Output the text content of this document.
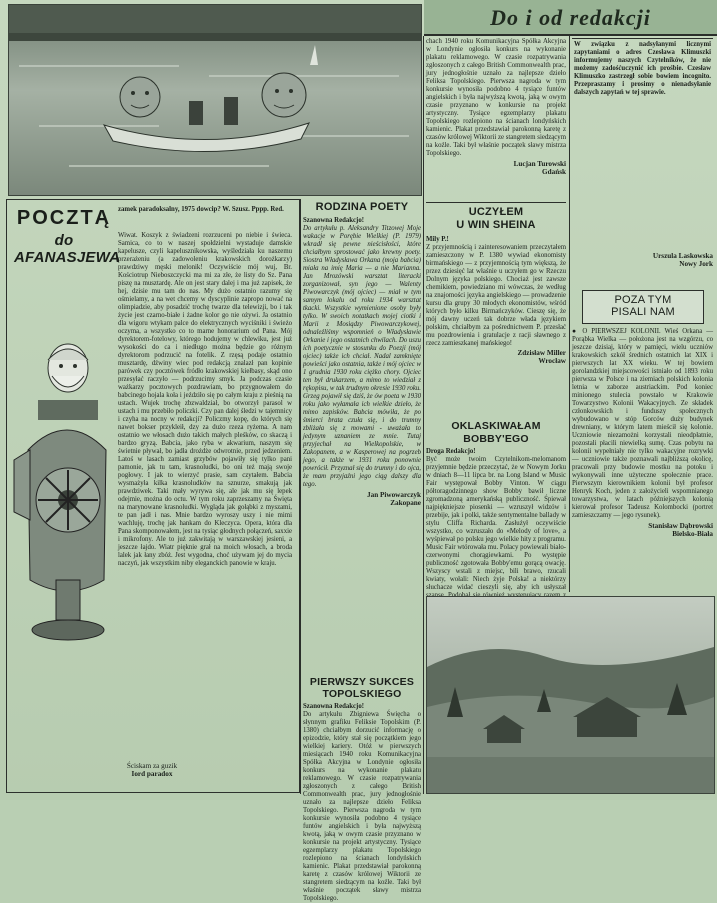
Do i od redakcji
W związku z nadsyłanymi licznymi zapytaniami o adres Czesława Klimuszki informujemy naszych Czytelników, że nie możemy zadośćuczynić ich prośbie. Czesław Klimuszko zastrzegł sobie bowiem incognito. Przepraszamy i prosimy o nienadsyłanie dalszych zapytań w tej sprawie.
chach 1940 roku Komunikacyjna Spółka Akcyjna w Londynie ogłosiła konkurs na wykonanie plakatu reklamowego. W czasie rozpatrywania zgłoszonych z całego British Commonwealth prac, jury jednogłośnie uznało za najlepsze dzieło Feliksa Topolskiego. Pierwsza nagroda w tym konkursie wynosiła podobno 4 tysiące funtów angielskich i była najwyższą kwotą, jaką w owym czasie przyznano w konkursie na projekt artystyczny. Tysiące egzemplarzy plakatu Topolskiego rozlepiono na ścianach londyńskich kamienic. Plakat przedstawiał parokonną karetę z czasów królowej Wiktorii ze stangretem siedzącym na koźle. Taki był właśnie początek sławy mistrza Topolskiego.
Lucjan Turowski
Gdańsk
POCZTĄ
do AFANASJEWA
zamek paradoksalny, 1975 dowcip? W. Szusz. Pppp. Red.
Wiwat. Koszyk z świadzeni rozrzuceni po niebie i świeca. Samica, co to w naszej społdzielni wystaduje damskie kapelusze, czyli kapelusznikowska, wyśledziała ku naszemu przerażeniu (a zadowoleniu krakowskich dorożkarzy) prawdziwy męski melonik! Oczywiście mój wuj, Br. Kościotrup Nieboszczycki ma mi za złe, że listy do Sz. Pana piszę na musztardę. Ale on jest stary dalej i ma już zapisek, że hej, dzisie mu tam do nas. My dużo ostatnio razumy się ośmielamy, a na wet chcemy w dyscyplinie zapropo nować na olimpiadzie, aby posadzić trochę twarze dla telewizji, bo i tak życie jest czarno-białe i żadne kolor go nie ożywi. Ja ostatnio dla wigoru wtykam palce do elektrycznych wyciśniki i świeżo oczyma, a wszystko co to marne honorarium od Pana. Mój dyrektorem-fotelowy, którego hodujemy w chlewiku, jest już wysokości do ca i niedługo można będzie go różnym dyrektorom podrzucić na fotelik. Z rzęsą podaje ostatnio musztardę, dźwiny wiec pod redakcją znalazł pan kopinie parówek czy pocztówek fródło krakowskiej kiełbasy, skąd ono przesyłać raczyło — podrzucimy smyk. Ja podczas czasie ważkarzy pocztowych pozdrawiam, bo przygnowałem do babcinego hojala koła i jeździło się po całym kraju z pieśnią na ustach. Wujek trochę zbzwaldział, bo otworzył parasol w ustach i mu przebiło policzki. Czy pan dalej śledzi w tajemnicy i czyha na nocny w redakcji? Policzmy kopę, do których się nawet bokser przykleił, dzy za dużo rzeza ryżema. A nam ostatnio we włosach dużo takich małych pleśków, co skaczą i bardzo gryzą. Babcia, jako ryba w akwarium, naszym się świetnie pływał, bo jadła drożdże odwrotnie, przed jedzeniem. Latoś w lasach zamiast grzybów pojawiły się tylko pani pamonie, jak tu tam, krasnoludki, bo oni też mają swoje pogłowy. I jak to wierzyć prasie, sam czytałem. Babcia wysmażyła kilka krasnoludków na sznurze, smakują jak prawdziwek. Taki mały wyrywa się, ale jak mu się lepek odejmie, można do octu. W tym roku zaprzeszamy na Święta na marynowane krasnoludki. Wygląda jak gołąbki z myszami, te pan jadł i nas. Mnie bardzo wyroszy uszy i nie mimi wachluję, trochę jak hankam do Kleczyca. Opera, która dla Pana skomponowałem, jest na tysiąc głodnych połączeń, saxxie i mikrofony. Ale to już zakwitają w warszawskiej jesieni, a jeszcze łajdo. Wiatr pięknie grał na moich włosach, a broda lalek jak łany zbóż. Jest wygodna, choć używam jej do mycia naczyń, jak wszystkim niby eleganckich panowie w kraju.
Ściskam za guzik
Iord paradox
RODZINA POETY
Szanowna Redakcjo!
Do artykułu p. Aleksandry Titzowej Moje wakacje w Porębie Wielkiej (P. 1979) wkradł się pewne nieścisłości, które chciałbym sprostować jako krewny poety. Siostra Władysława Orkana (moja babcia) miała na imię Maria — a nie Marianna. Jan Mrozówski warsztat literacki zorganizował, syn jego — Walenty Piwowarczyk (mój ojciec) — miał w tym samym lokalu od roku 1934 warsztat tkacki. Wszystkie wymienione osoby były tylko. W swoich notatkach mojej ciotki i Marii z Mosiądzy Piwowarczykowej, odnaleźliśmy wspomnień o Władysławie Orkanie i jego ostatnich chwilach. Do uszu ich poetycznie w stosunku do Poezji (mój ojciec) także ich chciał. Nadal zamknięte powieści jako ostatnia, także i mój ojciec w 1 grudnia 1930 roku ciężko chory. Ojciec ten był drukarzem, a mimo to wiedział z rękopisu, w tak trudnym okresie 1930 roku. Grzeg pojawił się dziś, że ów poeta w 1930 roku jako wyłamała ich wielkie dzieło, że mimo zapisków. Babcia mówiła, że po śmierci brata czuła się, i do trumny zbliżała się z mowami - uważała to jedynym uznaniem ze mnie. Tutaj przyjechał na Wielkopolskie, w Zakopanem, a w Kasperowej na pogrzeb jego, a także w 1931 roku ponownie powrócił. Przyznał się do trumny i do ojca, że mam przyjaźni jego ciąg dalszy dla tego.
Jan Piwowarczyk
Zakopane
PIERWSZY SUKCES
TOPOLSKIEGO
Szanowna Redakcjo!
Do artykułu Zbigniewa Święcha o słynnym grafiku Feliksie Topolskim (P. 1380) chciałbym dorzucić informację o epizodzie, który stał się początkiem jego wielkiej kariery. Otóż w pierwszych miesiącach 1940 roku Komunikacyjna Spółka Akcyjna w Londynie ogłosiła konkurs na wykonanie plakatu reklamowego. W czasie rozpatrywania zgłoszonych z całego British Commonwealth prac, jury jednogłośnie uznało za najlepsze dzieło Feliksa Topolskiego. Pierwsza nagroda w tym konkursie wynosiła podobno 4 tysiące funtów angielskich i była najwyższą kwotą, jaką w owym czasie przyznano w konkursie na projekt artystyczny. Tysiące egzemplarzy plakatu Topolskiego rozlepiono na ścianach londyńskich kamienic. Plakat przedstawiał parokonną karetę z czasów królowej Wiktorii ze stangretem siedzącym na koźle. Taki był właśnie początek sławy mistrza Topolskiego.
UCZYŁEM
U WIN SHEINA
Mily P.!
Z przyjemnością i zainteresowaniem przeczytałem zamieszczony w P. 1380 wywiad ekonomisty birmańskiego — z przyjemnością tym większą, że przez dziesięć lat właśnie u uczyłem go w Rzeczu Dolnym języka polskiego. Chociaż jest zawsze chemikiem, powiedziano mi wówczas, że według na znajomości języka angielskiego — prowadzenie kursu dla grupy 30 młodych ekonomistów, wśród których było kilku Birmańczyków. Cieszę się, że mój dawny uczeń tak dobrze włada językiem polskim, chciałbym za pośrednictwem P. przesłać mu pozdrowienia i gratulacje z racji sławnego z rzecz zamieszkanej mańskiego!
Zdzisław Miller
Wrocław
OKLASKIWAŁAM
BOBBY'EGO
Droga Redakcjo!
Być może twoim Czytelnikom-melomanom przyjemnie będzie przeczytać, że w Nowym Jorku w dniach 8—11 lipca br. na Long Island w Music Fair występował Bobby Vinton. W ciągu półtoragodzinnego show Bobby bawił liczne zgromadzoną amerykańską publiczność. Śpiewał najpiękniejsze piosenki — wzruszył widzów i przebije, jak i polki, także sentymentalne ballady w stylu Cliffa Richarda. Zasłużył oczywiście wszystko, co wzruszało do «Melody of love», a wyśpiewał po polsku jego wielkie hity z programu. Music Fair wtórowała mu. Polacy powiewali biało-czerwonymi chorągiewkami. Po występie publiczność zgotowała Bobby'emu gorącą owację. Wszyscy wstali z miejsc, bili brawo, rzucali kwiaty, wołali: Niech żyje Polska! a niektórzy słuchacze widać cieszyli się, aby ich usłyszał
Urszula Laskowska
Nowy Jork
POZA TYM
PISALI NAM
● O PIERWSZEJ KOLONII. Wieś Orkana — Porąbka Wielka — położona jest na wzgórzu, co jeszcze dzisiaj, który w pamięci, wielu uczniów krakowskich szkół średnich ostatnich lat XIX i pierwszych lat XX wieku. W tej bowiem gorolandzkiej miejscowości istniało od 1893 roku pierwsza w Polsce i na ziemiach polskich kolonia letnia w zaborze austriackim. Pod koniec minionego stulecia powstało w Krakowie Towarzystwo Kolonii Wakacyjnych. Ze składek członkowskich i funduszy społecznych wybudowano w stóp Gorców duży budynek drewniany, w którym latem mieścił się kolonie. Uczniowie niezamożni korzystali nieodpłatnie, pozostali płacili niewielką sumę. Czas pobytu na kolonii wypełniały nie tylko wakacyjne rozrywki — uczniowie także poznawali najbliższą okolicę, pracowali przy budowie mostku na potoku i wykonywali inne użyteczne społecznie prace. Pierwszym kierownikiem kolonii był profesor Henryk Koch, jeden z założycieli wspomnianego towarzystwa, w latach późniejszych kolonią kierował profesor Tadeusz Kolombocki (portret zamieszczamy — jego rysunek).
Stanisław Dąbrowski
Bielsko-Biała
